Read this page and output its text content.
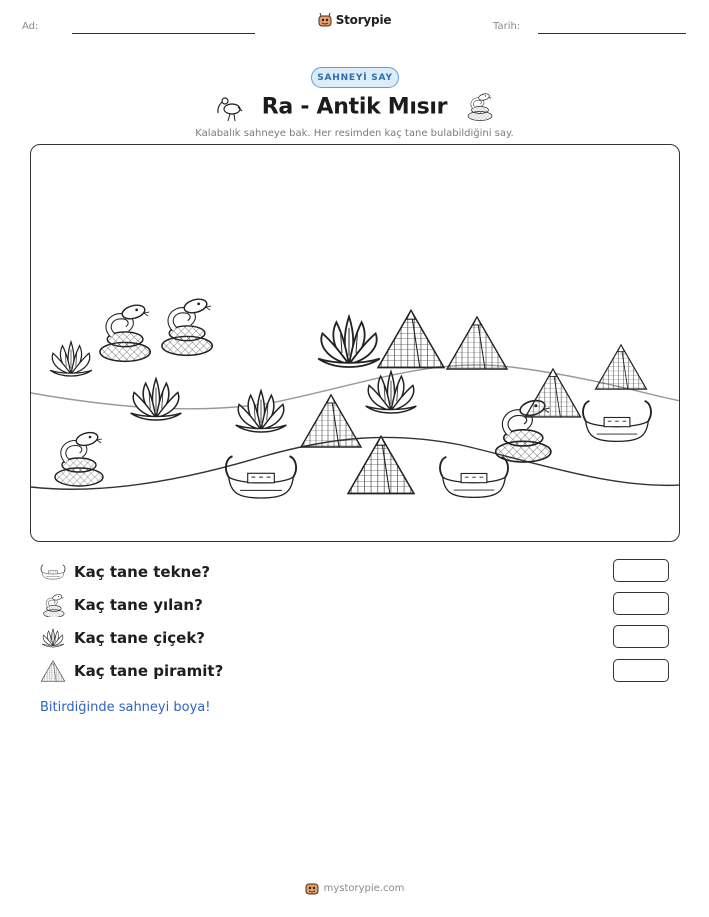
Ad:	Storypie	Tarih:
SAHNEYİ SAY
Ra - Antik Mısır
Kalabalık sahneye bak. Her resimden kaç tane bulabildiğini say.
Kaç tane tekne?
Kaç tane yılan?
Kaç tane çiçek?
Kaç tane piramit?
Bitirdiğinde sahneyi boya!
mystorypie.com
